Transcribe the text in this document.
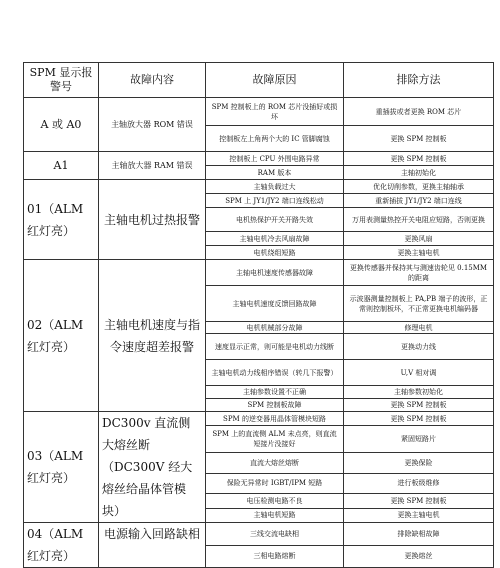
SPM 显示报警号	故障内容	故障原因	排除方法
A 或 A0	主轴放大器 ROM 错误	SPM 控制板上的 ROM 芯片没插好或损坏	重插拔或者更换 ROM 芯片
		控制板左上角两个大的 IC 管脚腐蚀	更换 SPM 控制板
A1	主轴放大器 RAM 错误	控制板上 CPU 外围电路异常	更换 SPM 控制板
		RAM 版本	主轴初始化
01（ALM 红灯亮）	主轴电机过热报警	主轴负载过大	优化切削参数，更换主轴轴承
		SPM 上 JY1/JY2 端口连线松动	重新插拔 JY1/JY2 端口连线
		电机热保护开关开路失效	万用表测量热控开关电阻应短路，否则更换
		主轴电机冷去风扇故障	更换风扇
		电机绕组短路	更换主轴电机
02（ALM 红灯亮）	主轴电机速度与指令速度超差报警	主轴电机速度传感器故障	更换传感器并保持其与测速齿轮见 0.15MM 的距离
		主轴电机速度反馈回路故障	示波器测量控制板上 PA,PB 端子的波形，正常则控制板坏，不正常更换电机编码器
		电机机械部分故障	修理电机
		速度显示正常，则可能是电机动力线断	更换动力线
		主轴电机动力线相序错误（转几下报警）	U,V 相对调
		主轴参数设置不正确	主轴参数初始化
		SPM 控制板故障	更换 SPM 控制板
03（ALM 红灯亮）	DC300v 直流侧大熔丝断（DC300V 经大熔丝给晶体管模块）	SPM 的逆变器用晶体管模块短路	更换 SPM 控制板
		SPM 上的直流侧 ALM 未点亮，则直流短接片没接好	紧固短路片
		直流大熔丝熔断	更换保险
		保险无异常时 IGBT/IPM 短路	进行板级维修
		电压检测电路不良	更换 SPM 控制板
		主轴电机短路	更换主轴电机
04（ALM 红灯亮）	电源输入回路缺相	三线交流电缺相	排除缺相故障
		三相电路熔断	更换熔丝
